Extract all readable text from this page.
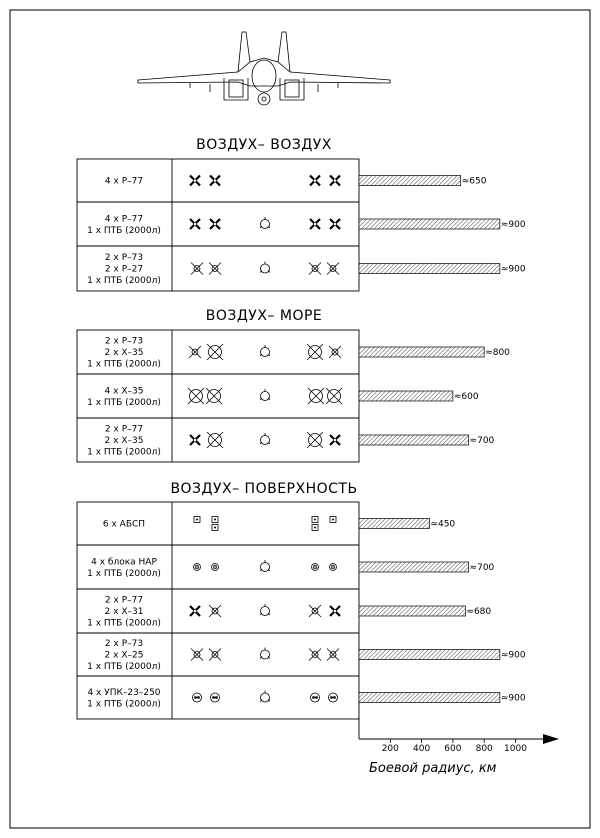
ВОЗДУХ– ВОЗДУХ
ВОЗДУХ– МОРЕ
ВОЗДУХ– ПОВЕРХНОСТЬ
4 x P–77	≈650
4 x P–77
1 x ПТБ (2000л)
≈900
2 x P–73
2 x P–27
1 x ПТБ (2000л)
≈900
2 x P–73
2 x X–35
1 x ПТБ (2000л)
≈800
4 x X–35
1 x ПТБ (2000л)
≈600
2 x P–77
2 x X–35
1 x ПТБ (2000л)
≈700
6 x АБСП	≈450
4 x блока НАР
1 x ПТБ (2000л)
≈700
2 x P–77
2 x X–31
1 x ПТБ (2000л)
≈680
2 x P–73
2 x X–25
1 x ПТБ (2000л)
≈900
4 x УПК–23–250
1 x ПТБ (2000л)
≈900
200 400 600 800 1000
Боевой радиус, км
